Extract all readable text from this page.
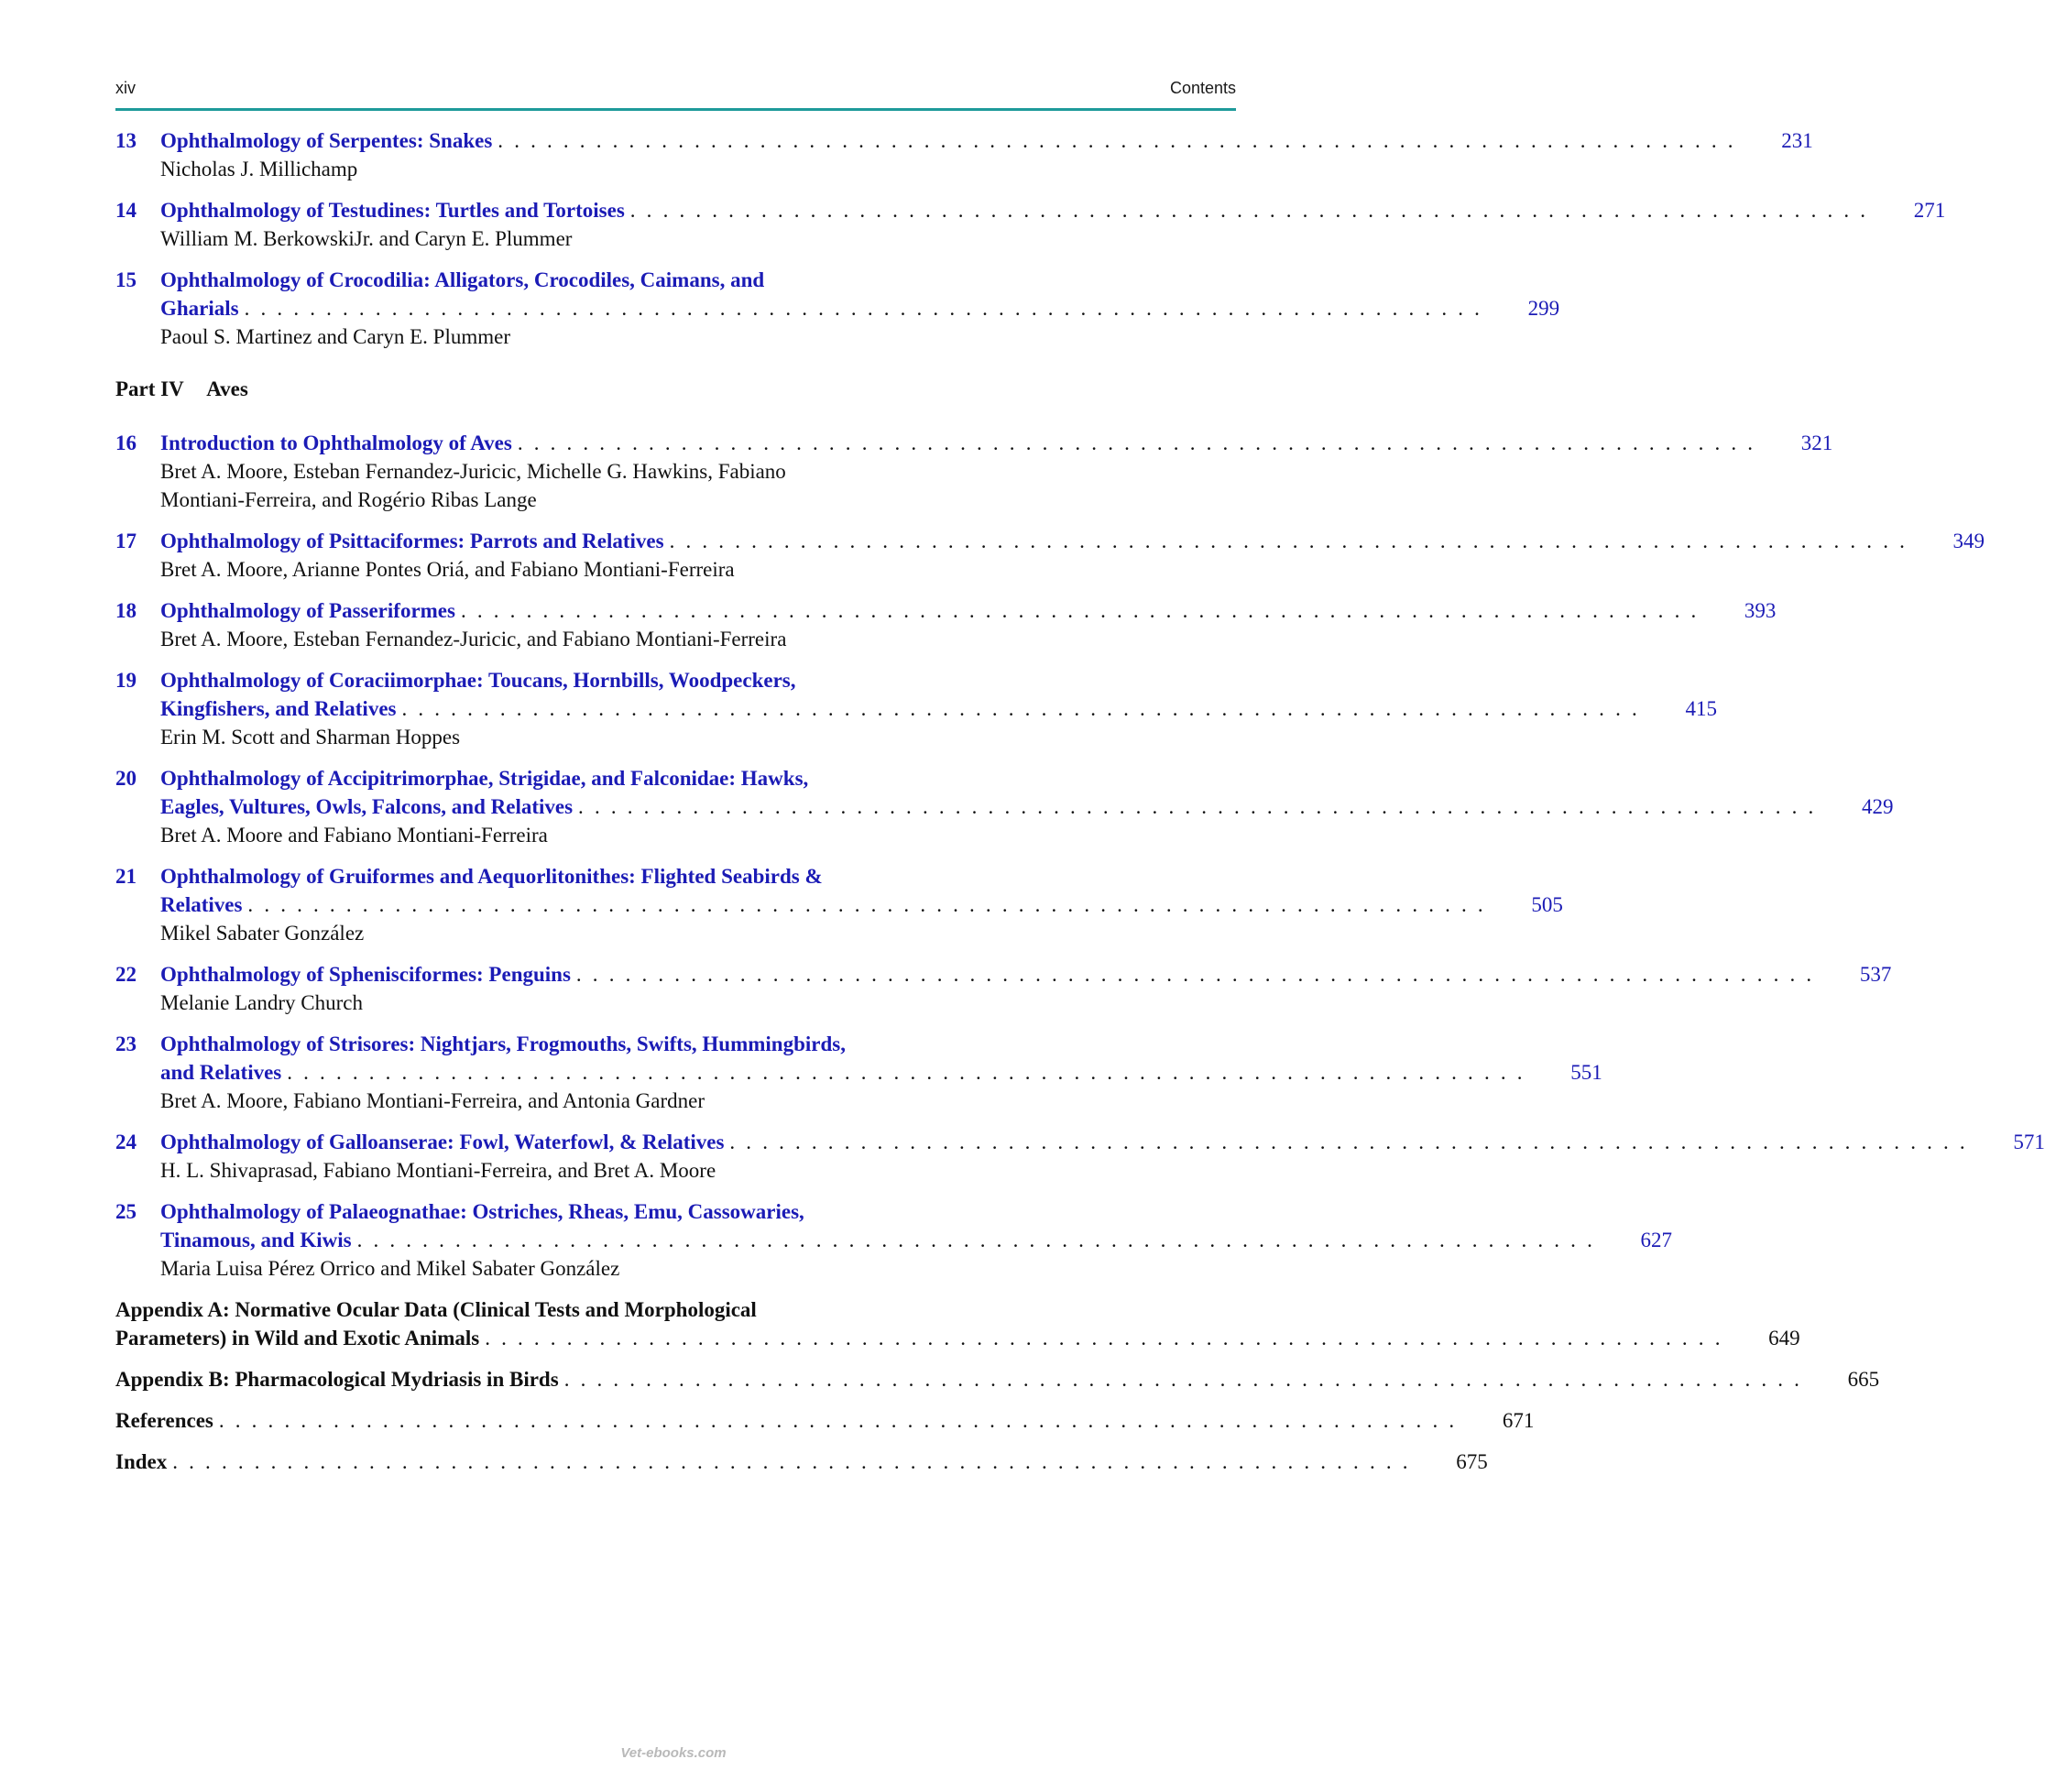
xiv	Contents
13	Ophthalmology of Serpentes: Snakes . . . . . . . . . . . . . . . . . . . . . . . . . . . . . . . . . . . . . . . . . . . . . . . . . . . . . . . . . . . . . . . . . . . . . . . . . . . .	231
Nicholas J. Millichamp
14	Ophthalmology of Testudines: Turtles and Tortoises . . . . . . . . . . . . . . . . . . . . . . . . . . . . . . . . . . . . . . . . . . . . . . . . . . . . . . . . . . . . . . . . . . . . . . . . . . . .	271
William M. BerkowskiJr. and Caryn E. Plummer
15	Ophthalmology of Crocodilia: Alligators, Crocodiles, Caimans, and
Gharials . . . . . . . . . . . . . . . . . . . . . . . . . . . . . . . . . . . . . . . . . . . . . . . . . . . . . . . . . . . . . . . . . . . . . . . . . . . .	299
Paoul S. Martinez and Caryn E. Plummer
Part IV Aves
16	Introduction to Ophthalmology of Aves . . . . . . . . . . . . . . . . . . . . . . . . . . . . . . . . . . . . . . . . . . . . . . . . . . . . . . . . . . . . . . . . . . . . . . . . . . . .	321
Bret A. Moore, Esteban Fernandez-Juricic, Michelle G. Hawkins, Fabiano
Montiani-Ferreira, and Rogério Ribas Lange
17	Ophthalmology of Psittaciformes: Parrots and Relatives . . . . . . . . . . . . . . . . . . . . . . . . . . . . . . . . . . . . . . . . . . . . . . . . . . . . . . . . . . . . . . . . . . . . . . . . . . . .	349
Bret A. Moore, Arianne Pontes Oriá, and Fabiano Montiani-Ferreira
18	Ophthalmology of Passeriformes . . . . . . . . . . . . . . . . . . . . . . . . . . . . . . . . . . . . . . . . . . . . . . . . . . . . . . . . . . . . . . . . . . . . . . . . . . . .	393
Bret A. Moore, Esteban Fernandez-Juricic, and Fabiano Montiani-Ferreira
19	Ophthalmology of Coraciimorphae: Toucans, Hornbills, Woodpeckers,
Kingfishers, and Relatives . . . . . . . . . . . . . . . . . . . . . . . . . . . . . . . . . . . . . . . . . . . . . . . . . . . . . . . . . . . . . . . . . . . . . . . . . . . .	415
Erin M. Scott and Sharman Hoppes
20	Ophthalmology of Accipitrimorphae, Strigidae, and Falconidae: Hawks,
Eagles, Vultures, Owls, Falcons, and Relatives . . . . . . . . . . . . . . . . . . . . . . . . . . . . . . . . . . . . . . . . . . . . . . . . . . . . . . . . . . . . . . . . . . . . . . . . . . . .	429
Bret A. Moore and Fabiano Montiani-Ferreira
21	Ophthalmology of Gruiformes and Aequorlitonithes: Flighted Seabirds &
Relatives . . . . . . . . . . . . . . . . . . . . . . . . . . . . . . . . . . . . . . . . . . . . . . . . . . . . . . . . . . . . . . . . . . . . . . . . . . . .	505
Mikel Sabater González
22	Ophthalmology of Sphenisciformes: Penguins . . . . . . . . . . . . . . . . . . . . . . . . . . . . . . . . . . . . . . . . . . . . . . . . . . . . . . . . . . . . . . . . . . . . . . . . . . . .	537
Melanie Landry Church
23	Ophthalmology of Strisores: Nightjars, Frogmouths, Swifts, Hummingbirds,
and Relatives . . . . . . . . . . . . . . . . . . . . . . . . . . . . . . . . . . . . . . . . . . . . . . . . . . . . . . . . . . . . . . . . . . . . . . . . . . . .	551
Bret A. Moore, Fabiano Montiani-Ferreira, and Antonia Gardner
24	Ophthalmology of Galloanserae: Fowl, Waterfowl, & Relatives . . . . . . . . . . . . . . . . . . . . . . . . . . . . . . . . . . . . . . . . . . . . . . . . . . . . . . . . . . . . . . . . . . . . . . . . . . . .	571
H. L. Shivaprasad, Fabiano Montiani-Ferreira, and Bret A. Moore
25	Ophthalmology of Palaeognathae: Ostriches, Rheas, Emu, Cassowaries,
Tinamous, and Kiwis . . . . . . . . . . . . . . . . . . . . . . . . . . . . . . . . . . . . . . . . . . . . . . . . . . . . . . . . . . . . . . . . . . . . . . . . . . . .	627
Maria Luisa Pérez Orrico and Mikel Sabater González
Appendix A: Normative Ocular Data (Clinical Tests and Morphological
Parameters) in Wild and Exotic Animals . . . . . . . . . . . . . . . . . . . . . . . . . . . . . . . . . . . . . . . . . . . . . . . . . . . . . . . . . . . . . . . . . . . . . . . . . . . .	649
Appendix B: Pharmacological Mydriasis in Birds . . . . . . . . . . . . . . . . . . . . . . . . . . . . . . . . . . . . . . . . . . . . . . . . . . . . . . . . . . . . . . . . . . . . . . . . . . . .	665
References . . . . . . . . . . . . . . . . . . . . . . . . . . . . . . . . . . . . . . . . . . . . . . . . . . . . . . . . . . . . . . . . . . . . . . . . . . . .	671
Index . . . . . . . . . . . . . . . . . . . . . . . . . . . . . . . . . . . . . . . . . . . . . . . . . . . . . . . . . . . . . . . . . . . . . . . . . . . .	675
Vet-ebooks.com
